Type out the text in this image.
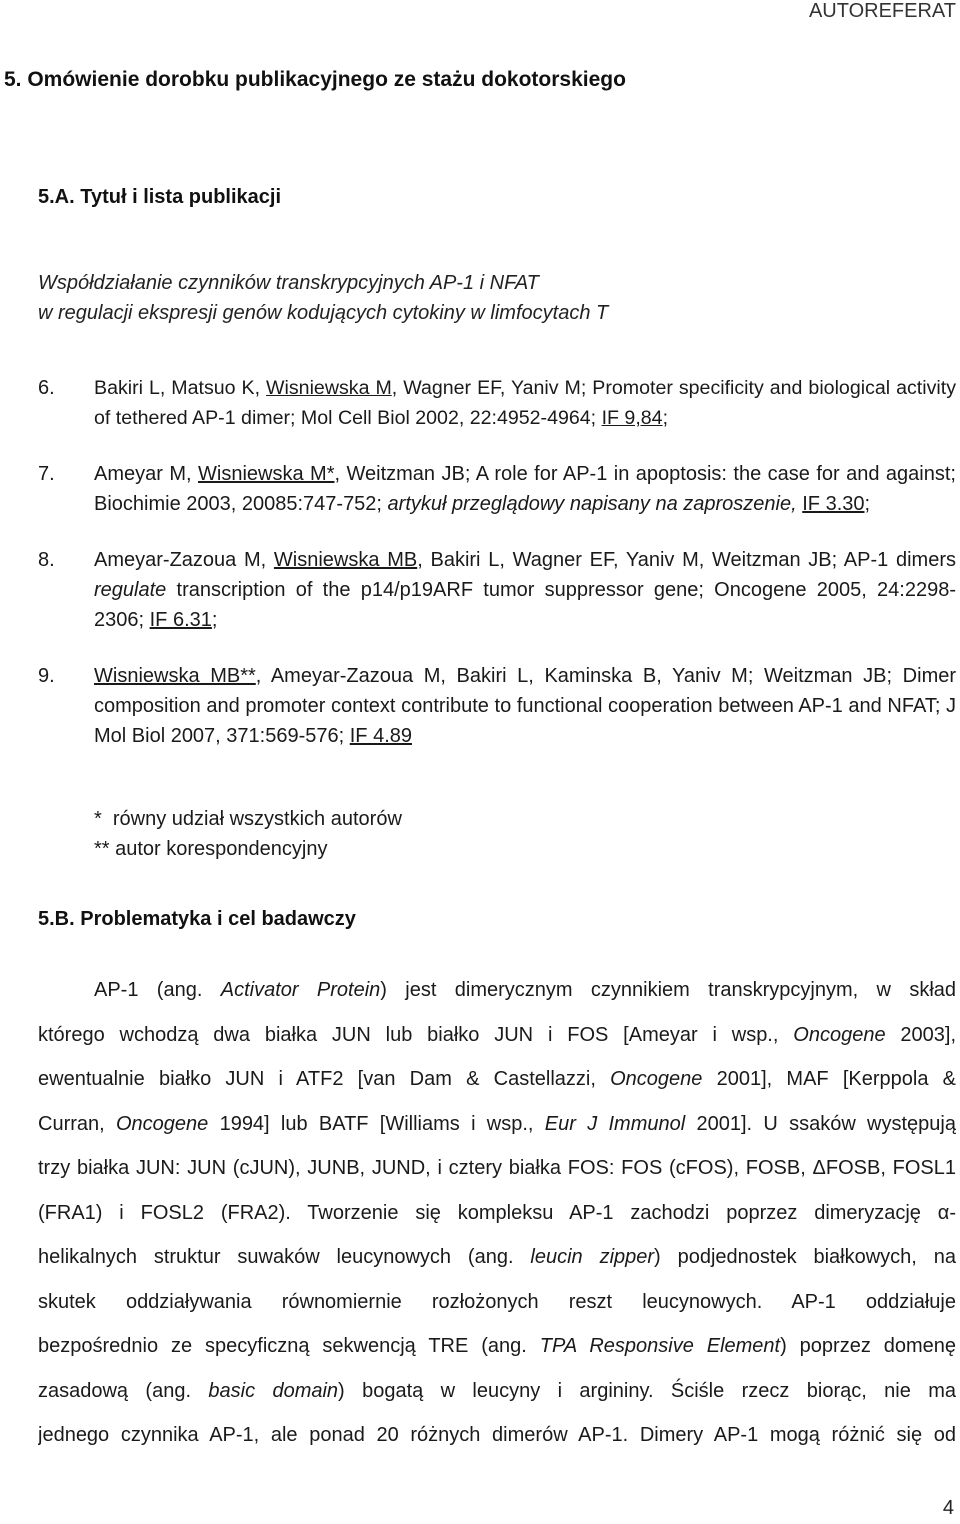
AUTOREFERAT
5. Omówienie dorobku publikacyjnego ze stażu dokotorskiego
5.A. Tytuł i lista publikacji
Współdziałanie czynników transkrypcyjnych AP-1 i NFAT
w regulacji ekspresji genów kodujących cytokiny w limfocytach T
6.	Bakiri L, Matsuo K, Wisniewska M, Wagner EF, Yaniv M; Promoter specificity and biological activity of tethered AP-1 dimer; Mol Cell Biol 2002, 22:4952-4964; IF 9,84;
7.	Ameyar M, Wisniewska M*, Weitzman JB; A role for AP-1 in apoptosis: the case for and against; Biochimie 2003, 20085:747-752; artykuł przeglądowy napisany na zaproszenie, IF 3.30;
8.	Ameyar-Zazoua M, Wisniewska MB, Bakiri L, Wagner EF, Yaniv M, Weitzman JB; AP-1 dimers regulate transcription of the p14/p19ARF tumor suppressor gene; Oncogene 2005, 24:2298-2306; IF 6.31;
9.	Wisniewska MB**, Ameyar-Zazoua M, Bakiri L, Kaminska B, Yaniv M; Weitzman JB; Dimer composition and promoter context contribute to functional cooperation between AP-1 and NFAT; J Mol Biol 2007, 371:569-576; IF 4.89
*  równy udział wszystkich autorów
** autor korespondencyjny
5.B. Problematyka i cel badawczy
AP-1 (ang. Activator Protein) jest dimerycznym czynnikiem transkrypcyjnym, w skład
którego wchodzą dwa białka JUN lub białko JUN i FOS [Ameyar i wsp., Oncogene 2003],
ewentualnie białko JUN i ATF2 [van Dam & Castellazzi, Oncogene 2001], MAF [Kerppola &
Curran, Oncogene 1994] lub BATF [Williams i wsp., Eur J Immunol 2001]. U ssaków występują
trzy białka JUN: JUN (cJUN), JUNB, JUND, i cztery białka FOS: FOS (cFOS), FOSB, ΔFOSB, FOSL1
(FRA1) i FOSL2 (FRA2). Tworzenie się kompleksu AP-1 zachodzi poprzez dimeryzację α-
helikalnych struktur suwaków leucynowych (ang. leucin zipper) podjednostek białkowych, na
skutek oddziaływania równomiernie rozłożonych reszt leucynowych. AP-1 oddziałuje
bezpośrednio ze specyficzną sekwencją TRE (ang. TPA Responsive Element) poprzez domenę
zasadową (ang. basic domain) bogatą w leucyny i argininy. Ściśle rzecz biorąc, nie ma
jednego czynnika AP-1, ale ponad 20 różnych dimerów AP-1. Dimery AP-1 mogą różnić się od
4
